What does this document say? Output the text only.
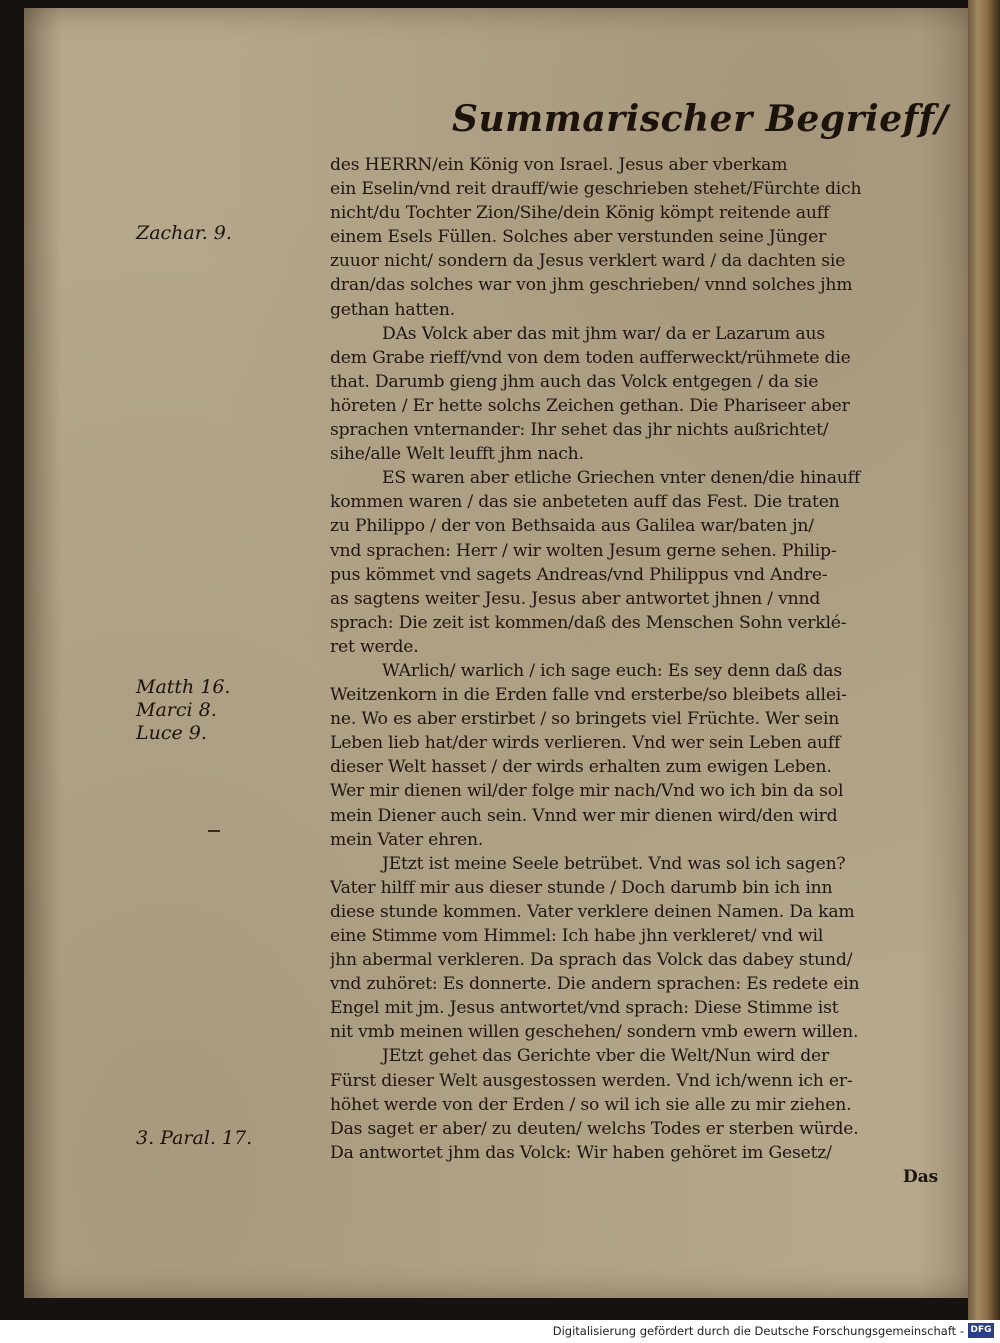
Summarischer Begrieff/
Zachar. 9.
Matth 16.
Marci 8.
Luce 9.
3. Paral. 17.
des HERRN/ein König von Israel. Jesus aber vberkam
ein Eselin/vnd reit drauff/wie geschrieben stehet/Fürchte dich
nicht/du Tochter Zion/Sihe/dein König kömpt reitende auff
einem Esels Füllen. Solches aber verstunden seine Jünger
zuuor nicht/ sondern da Jesus verklert ward / da dachten sie
dran/das solches war von jhm geschrieben/ vnnd solches jhm
gethan hatten.
DAs Volck aber das mit jhm war/ da er Lazarum aus
dem Grabe rieff/vnd von dem toden aufferweckt/rühmete die
that. Darumb gieng jhm auch das Volck entgegen / da sie
höreten / Er hette solchs Zeichen gethan. Die Phariseer aber
sprachen vnternander: Ihr sehet das jhr nichts außrichtet/
sihe/alle Welt leufft jhm nach.
ES waren aber etliche Griechen vnter denen/die hinauff
kommen waren / das sie anbeteten auff das Fest. Die traten
zu Philippo / der von Bethsaida aus Galilea war/baten jn/
vnd sprachen: Herr / wir wolten Jesum gerne sehen. Philip-
pus kömmet vnd sagets Andreas/vnd Philippus vnd Andre-
as sagtens weiter Jesu. Jesus aber antwortet jhnen / vnnd
sprach: Die zeit ist kommen/daß des Menschen Sohn verklé-
ret werde.
WArlich/ warlich / ich sage euch: Es sey denn daß das
Weitzenkorn in die Erden falle vnd ersterbe/so bleibets allei-
ne. Wo es aber erstirbet / so bringets viel Früchte. Wer sein
Leben lieb hat/der wirds verlieren. Vnd wer sein Leben auff
dieser Welt hasset / der wirds erhalten zum ewigen Leben.
Wer mir dienen wil/der folge mir nach/Vnd wo ich bin da sol
mein Diener auch sein. Vnnd wer mir dienen wird/den wird
mein Vater ehren.
JEtzt ist meine Seele betrübet. Vnd was sol ich sagen?
Vater hilff mir aus dieser stunde / Doch darumb bin ich inn
diese stunde kommen. Vater verklere deinen Namen. Da kam
eine Stimme vom Himmel: Ich habe jhn verkleret/ vnd wil
jhn abermal verkleren. Da sprach das Volck das dabey stund/
vnd zuhöret: Es donnerte. Die andern sprachen: Es redete ein
Engel mit jm. Jesus antwortet/vnd sprach: Diese Stimme ist
nit vmb meinen willen geschehen/ sondern vmb ewern willen.
JEtzt gehet das Gerichte vber die Welt/Nun wird der
Fürst dieser Welt ausgestossen werden. Vnd ich/wenn ich er-
höhet werde von der Erden / so wil ich sie alle zu mir ziehen.
Das saget er aber/ zu deuten/ welchs Todes er sterben würde.
Da antwortet jhm das Volck: Wir haben gehöret im Gesetz/
Das
Digitalisierung gefördert durch die Deutsche Forschungsgemeinschaft - DFG
